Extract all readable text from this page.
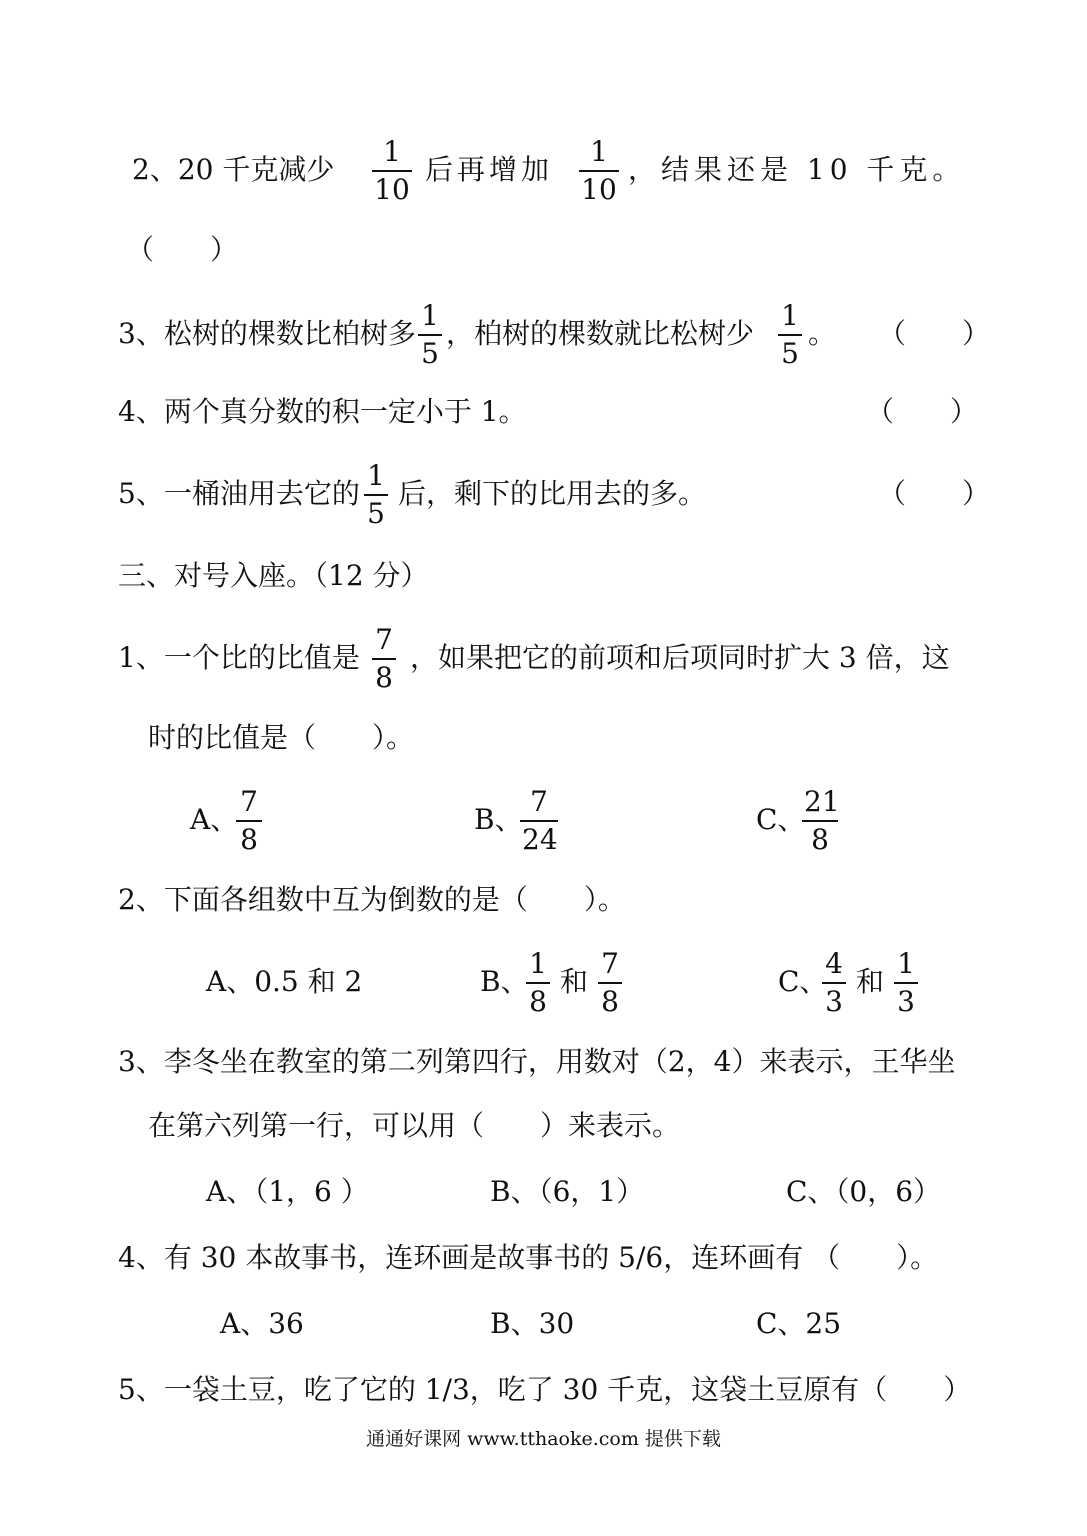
2、20 千克减少 $\frac{1}{10}$ 后再增加 $\frac{1}{10}$ ，结果还是 10 千克。
（　　）
3、松树的棵数比柏树多 $\frac{1}{5}$ ，柏树的棵数就比松树少 $\frac{1}{5}$ 。 （　　）
4、两个真分数的积一定小于 1。	（　　）
5、一桶油用去它的 $\frac{1}{5}$ 后，剩下的比用去的多。	（　　）
三、对号入座。（12 分）
1、一个比的比值是 $\frac{7}{8}$ ，如果把它的前项和后项同时扩大 3 倍，这
时的比值是（　　）。
A、
$\frac{7}{8}$	B、
$\frac{7}{24}$	C、
$\frac{21}{8}$
2、下面各组数中互为倒数的是（　　）。
A、0.5 和 2	B、
$\frac{1}{8}$ 和 $\frac{7}{8}$	C、
$\frac{4}{3}$ 和 $\frac{1}{3}$
3、李冬坐在教室的第二列第四行，用数对（2，4）来表示，王华坐
在第六列第一行，可以用（　　）来表示。
A、（1，6 ）	B、（6，1）	C、（0，6）
4、有 30 本故事书，连环画是故事书的 5/6，连环画有 （　　）。
A、36	B、30	C、25
5、一袋土豆，吃了它的 1/3，吃了 30 千克，这袋土豆原有（　　）
通通好课网 www.tthaoke.com 提供下载
